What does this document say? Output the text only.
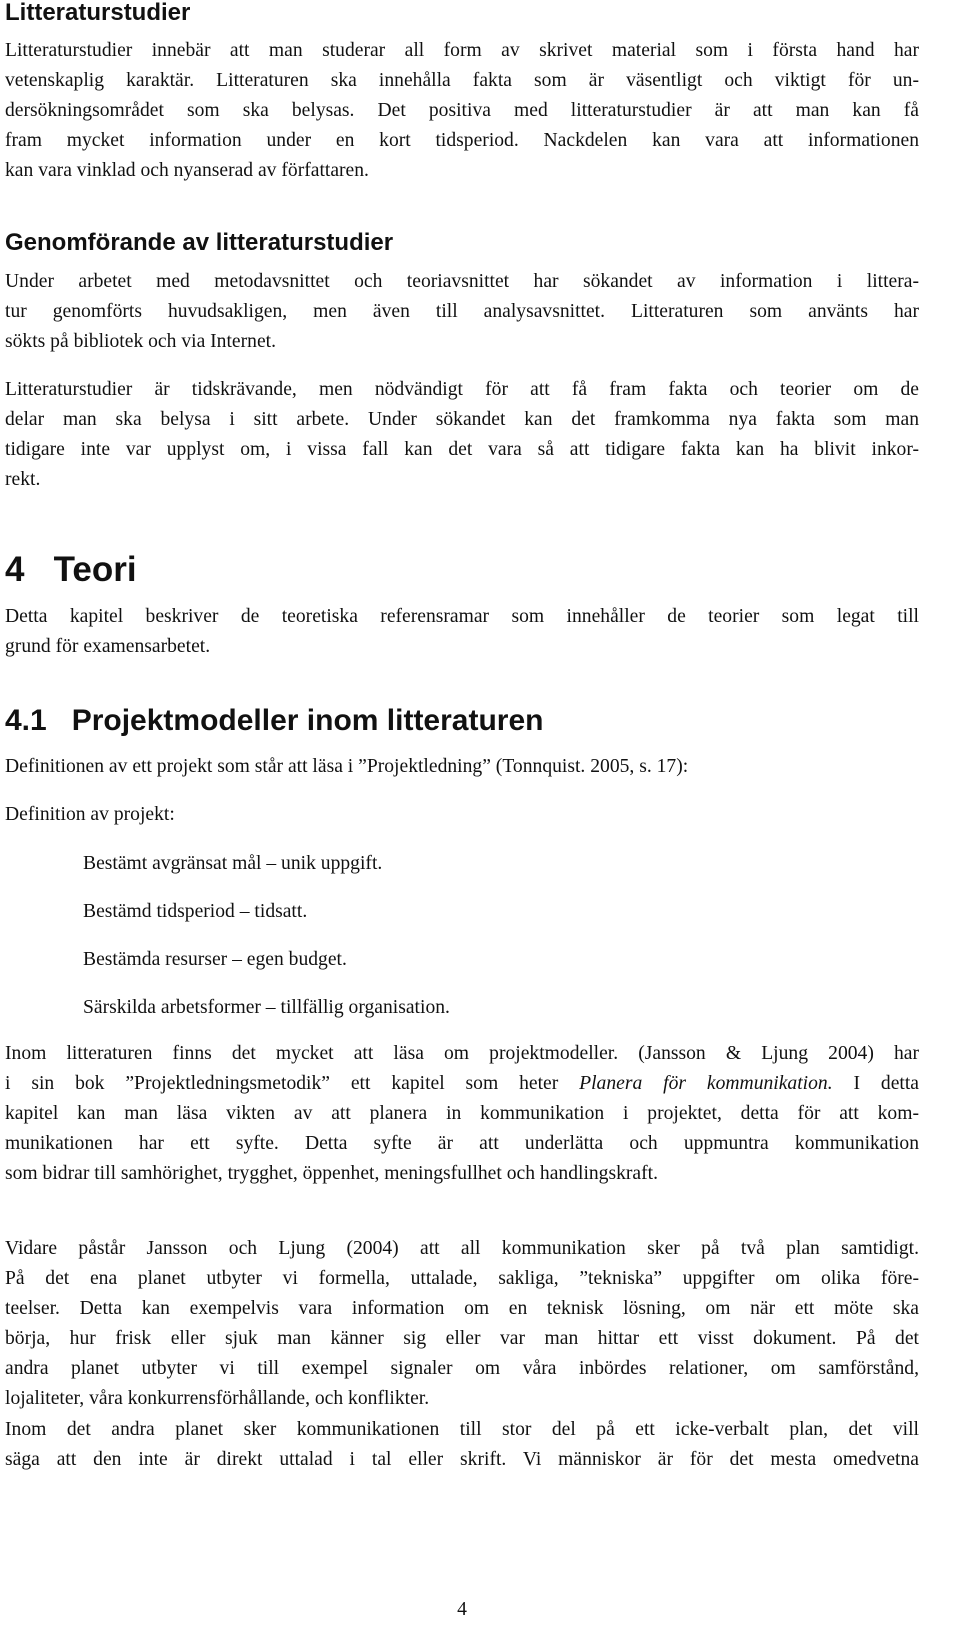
Litteraturstudier
Litteraturstudier innebär att man studerar all form av skrivet material som i första hand har
vetenskaplig karaktär. Litteraturen ska innehålla fakta som är väsentligt och viktigt för un-
dersökningsområdet som ska belysas. Det positiva med litteraturstudier är att man kan få
fram mycket information under en kort tidsperiod. Nackdelen kan vara att informationen
kan vara vinklad och nyanserad av författaren.
Genomförande av litteraturstudier
Under arbetet med metodavsnittet och teoriavsnittet har sökandet av information i littera-
tur genomförts huvudsakligen, men även till analysavsnittet. Litteraturen som använts har
sökts på bibliotek och via Internet.
Litteraturstudier är tidskrävande, men nödvändigt för att få fram fakta och teorier om de
delar man ska belysa i sitt arbete. Under sökandet kan det framkomma nya fakta som man
tidigare inte var upplyst om, i vissa fall kan det vara så att tidigare fakta kan ha blivit inkor-
rekt.
4   Teori
Detta kapitel beskriver de teoretiska referensramar som innehåller de teorier som legat till
grund för examensarbetet.
4.1   Projektmodeller inom litteraturen
Definitionen av ett projekt som står att läsa i ”Projektledning” (Tonnquist. 2005, s. 17):
Definition av projekt:
Bestämt avgränsat mål – unik uppgift.
Bestämd tidsperiod – tidsatt.
Bestämda resurser – egen budget.
Särskilda arbetsformer – tillfällig organisation.
Inom litteraturen finns det mycket att läsa om projektmodeller. (Jansson & Ljung 2004) har
i sin bok ”Projektledningsmetodik” ett kapitel som heter Planera för kommunikation. I detta
kapitel kan man läsa vikten av att planera in kommunikation i projektet, detta för att kom-
munikationen har ett syfte. Detta syfte är att underlätta och uppmuntra kommunikation
som bidrar till samhörighet, trygghet, öppenhet, meningsfullhet och handlingskraft.
Vidare påstår Jansson och Ljung (2004) att all kommunikation sker på två plan samtidigt.
På det ena planet utbyter vi formella, uttalade, sakliga, ”tekniska” uppgifter om olika före-
teelser. Detta kan exempelvis vara information om en teknisk lösning, om när ett möte ska
börja, hur frisk eller sjuk man känner sig eller var man hittar ett visst dokument. På det
andra planet utbyter vi till exempel signaler om våra inbördes relationer, om samförstånd,
lojaliteter, våra konkurrensförhållande, och konflikter.
Inom det andra planet sker kommunikationen till stor del på ett icke-verbalt plan, det vill
säga att den inte är direkt uttalad i tal eller skrift. Vi människor är för det mesta omedvetna
4
